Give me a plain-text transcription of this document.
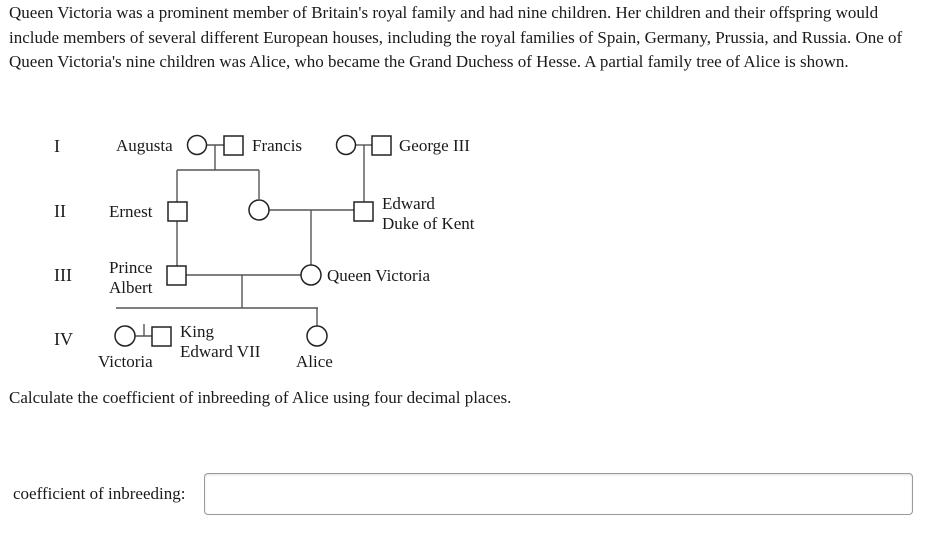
Queen Victoria was a prominent member of Britain's royal family and had nine children. Her children and their offspring would include members of several different European houses, including the royal families of Spain, Germany, Prussia, and Russia. One of Queen Victoria's nine children was Alice, who became the Grand Duchess of Hesse. A partial family tree of Alice is shown.

I
II
III
IV
Augusta	Francis	George III
Ernest	Edward
Duke of Kent
Prince
Albert
Queen Victoria
Victoria
King
Edward VII
Alice

Calculate the coefficient of inbreeding of Alice using four decimal places.

coefficient of inbreeding:
